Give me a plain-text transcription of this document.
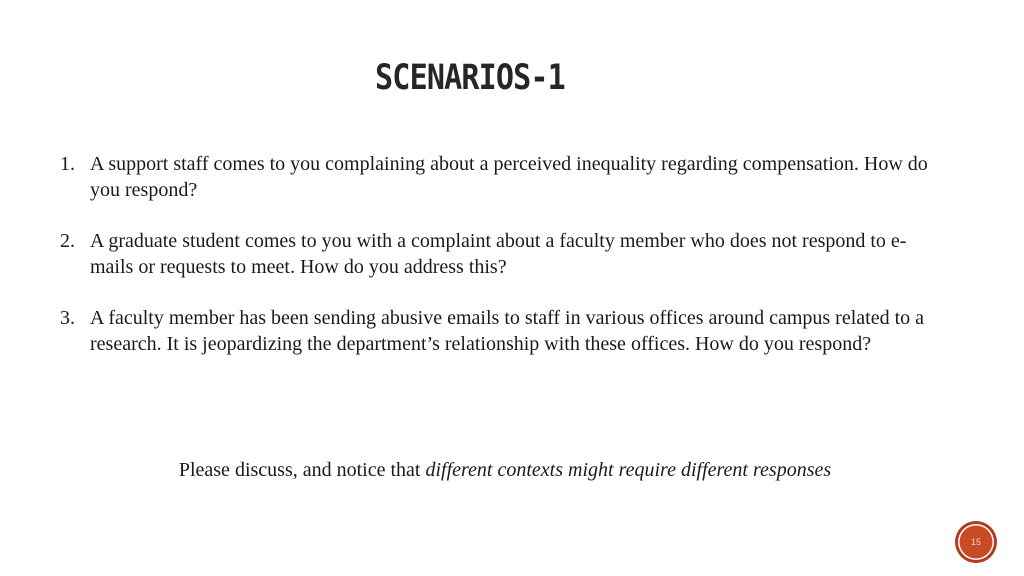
SCENARIOS-1
1. A support staff comes to you complaining about a perceived inequality regarding compensation. How do you respond?
2. A graduate student comes to you with a complaint about a faculty member who does not respond to e-mails or requests to meet. How do you address this?
3. A faculty member has been sending abusive emails to staff in various offices around campus related to a research. It is jeopardizing the department’s relationship with these offices. How do you respond?
Please discuss, and notice that different contexts might require different responses
15
